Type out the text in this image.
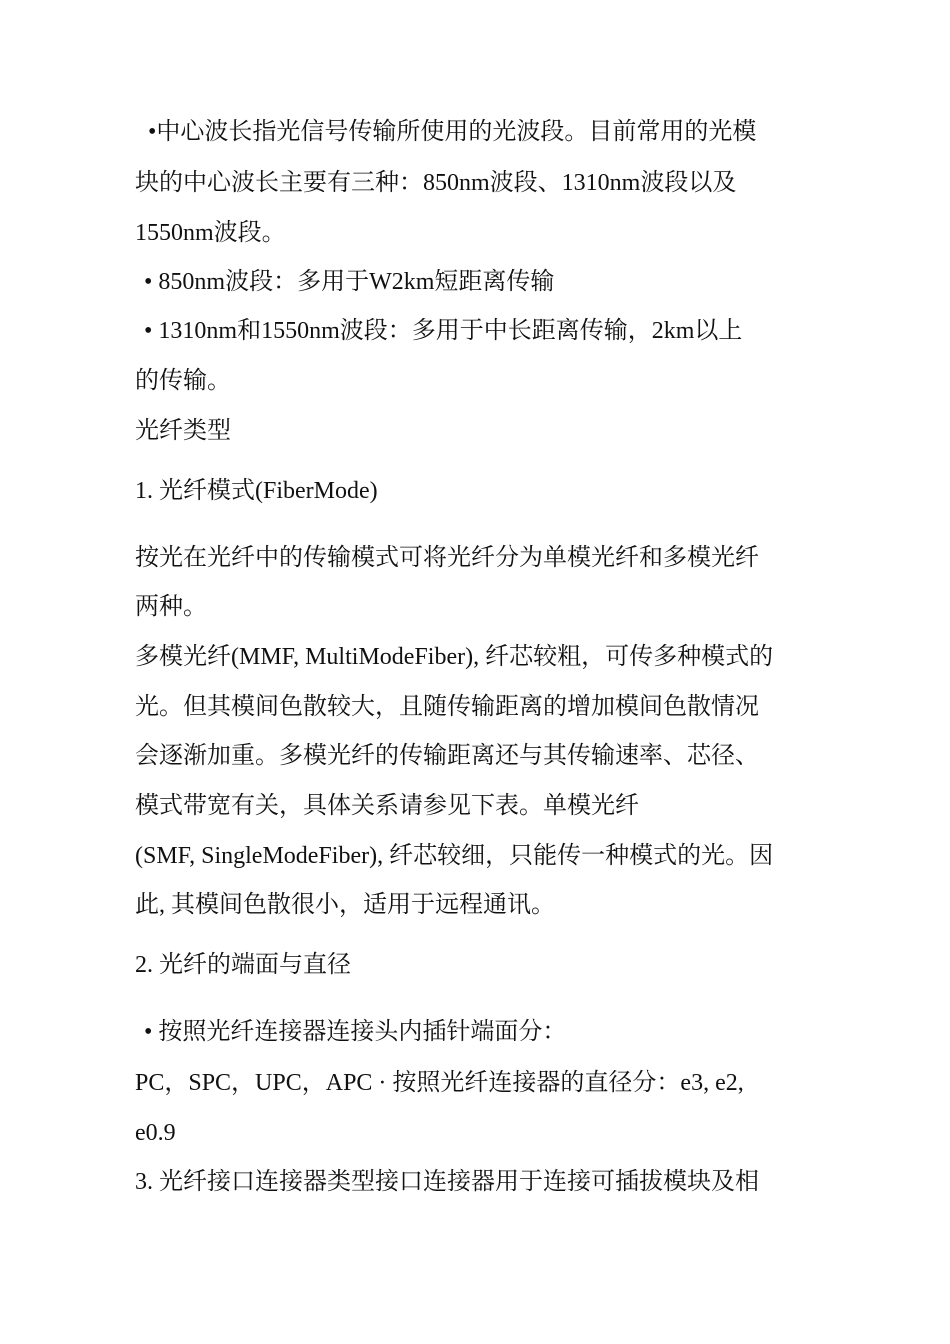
•中心波长指光信号传输所使用的光波段。目前常用的光模
块的中心波长主要有三种：850nm波段、1310nm波段以及
1550nm波段。
• 850nm波段：多用于W2km短距离传输
• 1310nm和1550nm波段：多用于中长距离传输，2km以上
的传输。
光纤类型
1. 光纤模式(FiberMode)
按光在光纤中的传输模式可将光纤分为单模光纤和多模光纤
两种。
多模光纤(MMF, MultiModeFiber), 纤芯较粗，可传多种模式的
光。但其模间色散较大，且随传输距离的增加模间色散情况
会逐渐加重。多模光纤的传输距离还与其传输速率、芯径、
模式带宽有关，具体关系请参见下表。单模光纤
(SMF, SingleModeFiber), 纤芯较细，只能传一种模式的光。因
此, 其模间色散很小，适用于远程通讯。
2. 光纤的端面与直径
• 按照光纤连接器连接头内插针端面分：
PC，SPC，UPC，APC · 按照光纤连接器的直径分：e3, e2,
e0.9
3. 光纤接口连接器类型接口连接器用于连接可插拔模块及相
